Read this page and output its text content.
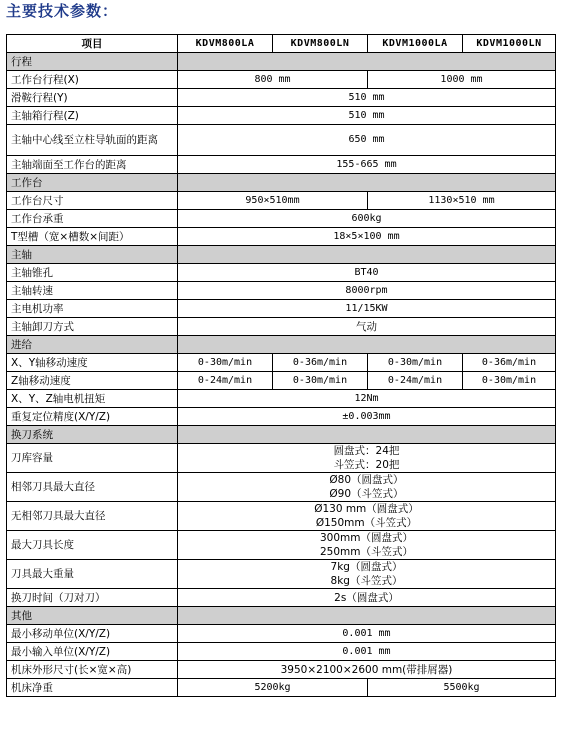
主要技术参数：
项目	KDVM800LA	KDVM800LN	KDVM1000LA	KDVM1000LN
行程				
工作台行程(X)	800 mm		1000 mm	
滑鞍行程(Y)	510 mm			
主轴箱行程(Z)	510 mm			
主轴中心线至立柱导轨面的距离	650 mm			
主轴端面至工作台的距离	155-665 mm			
工作台				
工作台尺寸	950×510mm		1130×510 mm	
工作台承重	600kg			
T型槽（宽×槽数×间距）	18×5×100 mm			
主轴				
主轴锥孔	BT40			
主轴转速	8000rpm			
主电机功率	11/15KW			
主轴卸刀方式	气动			
进给				
X、Y轴移动速度	0-30m/min	0-36m/min	0-30m/min	0-36m/min
Z轴移动速度	0-24m/min	0-30m/min	0-24m/min	0-30m/min
X、Y、Z轴电机扭矩	12Nm			
重复定位精度(X/Y/Z)	±0.003mm			
换刀系统				
刀库容量	圆盘式：24把
斗笠式：20把			

相邻刀具最大直径	Ø80（圆盘式）
Ø90（斗笠式）			

无相邻刀具最大直径	Ø130 mm（圆盘式）
Ø150mm（斗笠式）			

最大刀具长度	300mm（圆盘式）
250mm（斗笠式）			

刀具最大重量	7kg（圆盘式）
8kg（斗笠式）			

换刀时间（刀对刀）	2s（圆盘式）			
其他				
最小移动单位(X/Y/Z)	0.001 mm			
最小输入单位(X/Y/Z)	0.001 mm			
机床外形尺寸(长×宽×高)	3950×2100×2600 mm(带排屑器)			
机床净重	5200kg		5500kg	
